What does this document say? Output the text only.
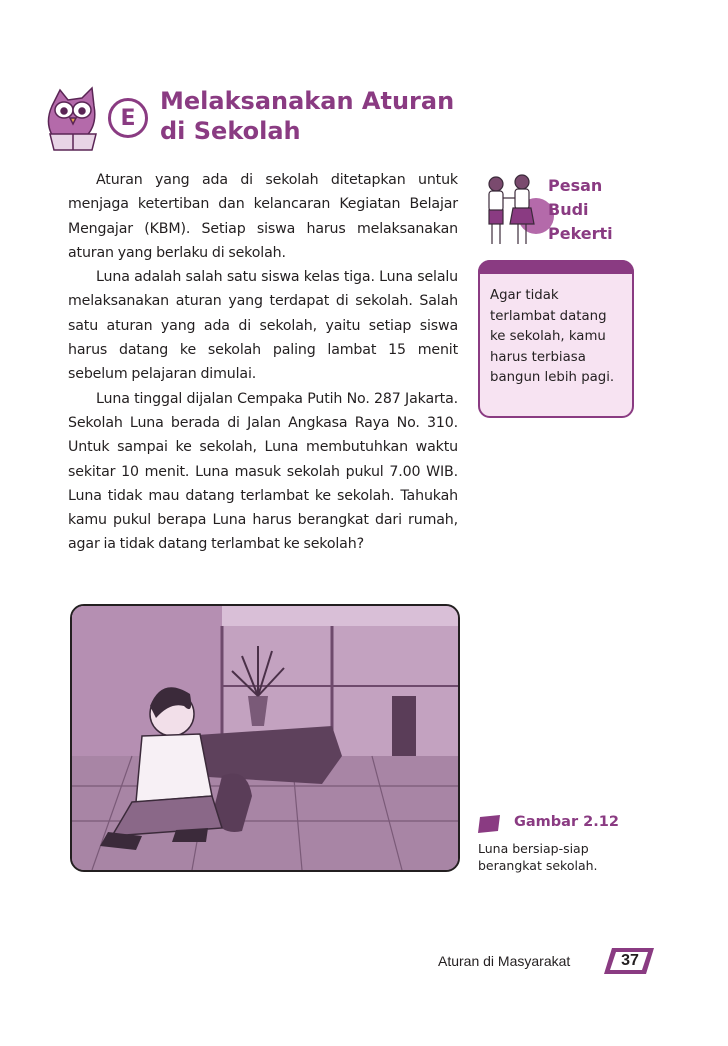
E
Melaksanakan Aturan
di Sekolah

Aturan yang ada di sekolah ditetapkan untuk menjaga ketertiban dan kelancaran Kegiatan Belajar Mengajar (KBM). Setiap siswa harus melaksanakan aturan yang berlaku di sekolah.

Luna adalah salah satu siswa kelas tiga. Luna selalu melaksanakan aturan yang terdapat di sekolah. Salah satu aturan yang ada di sekolah, yaitu setiap siswa harus datang ke sekolah paling lambat 15 menit sebelum pelajaran dimulai.

Luna tinggal dijalan Cempaka Putih No. 287 Jakarta. Sekolah Luna berada di Jalan Angkasa Raya No. 310. Untuk sampai ke sekolah, Luna membutuhkan waktu sekitar 10 menit. Luna masuk sekolah pukul 7.00 WIB. Luna tidak mau datang terlambat ke sekolah. Tahukah kamu pukul berapa Luna harus berangkat dari rumah, agar ia tidak datang terlambat ke sekolah?

Pesan
Budi
Pekerti
Agar tidak terlambat datang ke sekolah, kamu harus terbiasa bangun lebih pagi.
Gambar 2.12
Luna bersiap-siap berangkat sekolah.
Aturan di Masyarakat	37
